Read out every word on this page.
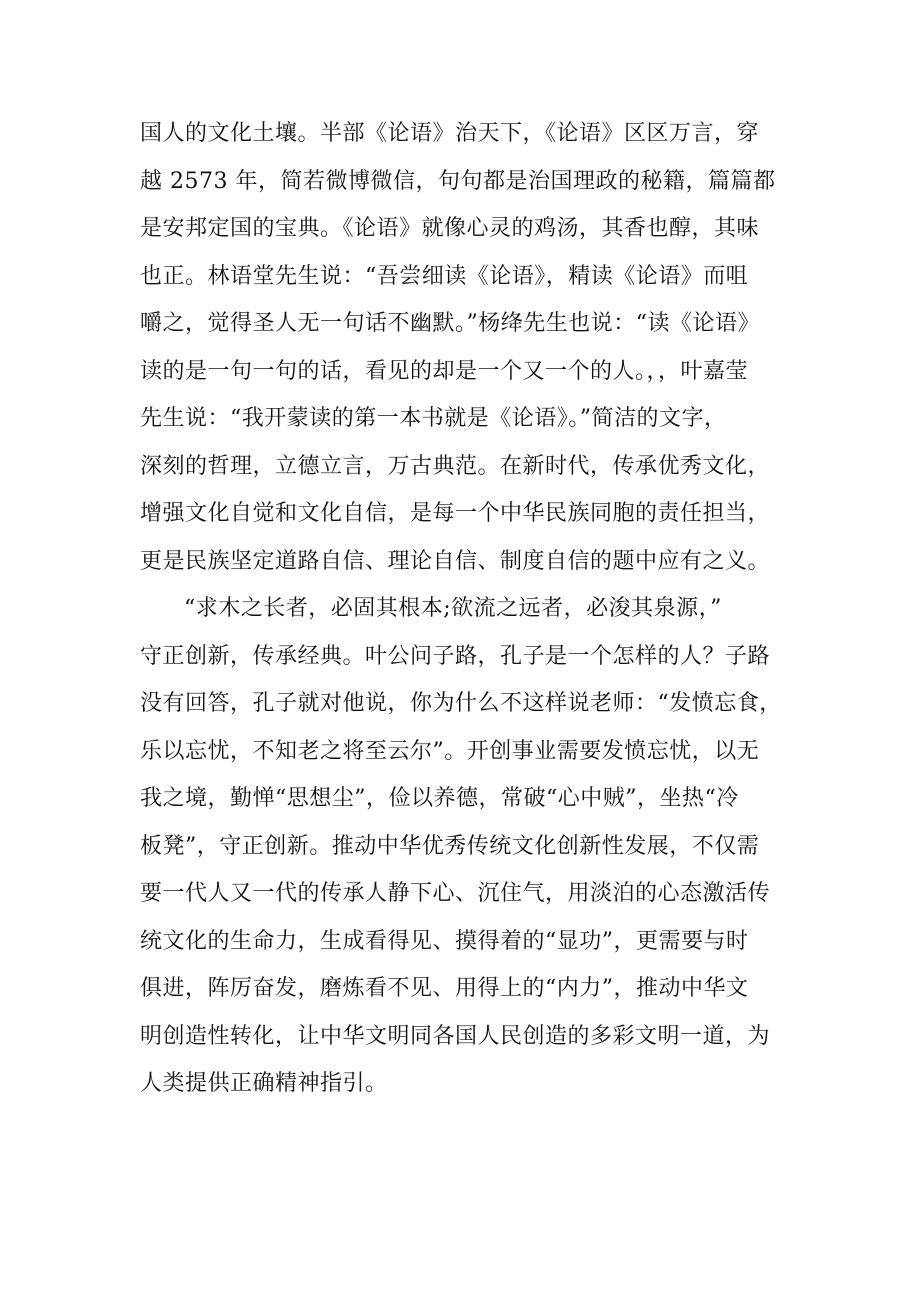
国人的文化土壤。半部《论语》治天下，《论语》区区万言，穿
越 2573 年，简若微博微信，句句都是治国理政的秘籍，篇篇都
是安邦定国的宝典。《论语》就像心灵的鸡汤，其香也醇，其味
也正。林语堂先生说：“吾尝细读《论语》，精读《论语》而咀
嚼之，觉得圣人无一句话不幽默。”杨绛先生也说：“读《论语》
读的是一句一句的话，看见的却是一个又一个的人。，，叶嘉莹
先生说：“我开蒙读的第一本书就是《论语》。”简洁的文字，
深刻的哲理，立德立言，万古典范。在新时代，传承优秀文化，
增强文化自觉和文化自信，是每一个中华民族同胞的责任担当，
更是民族坚定道路自信、理论自信、制度自信的题中应有之义。
“求木之长者，必固其根本;欲流之远者，必浚其泉源，”
守正创新，传承经典。叶公问子路，孔子是一个怎样的人？子路
没有回答，孔子就对他说，你为什么不这样说老师：“发愤忘食，
乐以忘忧，不知老之将至云尔”。开创事业需要发愤忘忧，以无
我之境，勤惮“思想尘”，俭以养德，常破“心中贼”，坐热“冷
板凳”，守正创新。推动中华优秀传统文化创新性发展，不仅需
要一代人又一代的传承人静下心、沉住气，用淡泊的心态激活传
统文化的生命力，生成看得见、摸得着的“显功”，更需要与时
俱进，阵厉奋发，磨炼看不见、用得上的“内力”，推动中华文
明创造性转化，让中华文明同各国人民创造的多彩文明一道，为
人类提供正确精神指引。
